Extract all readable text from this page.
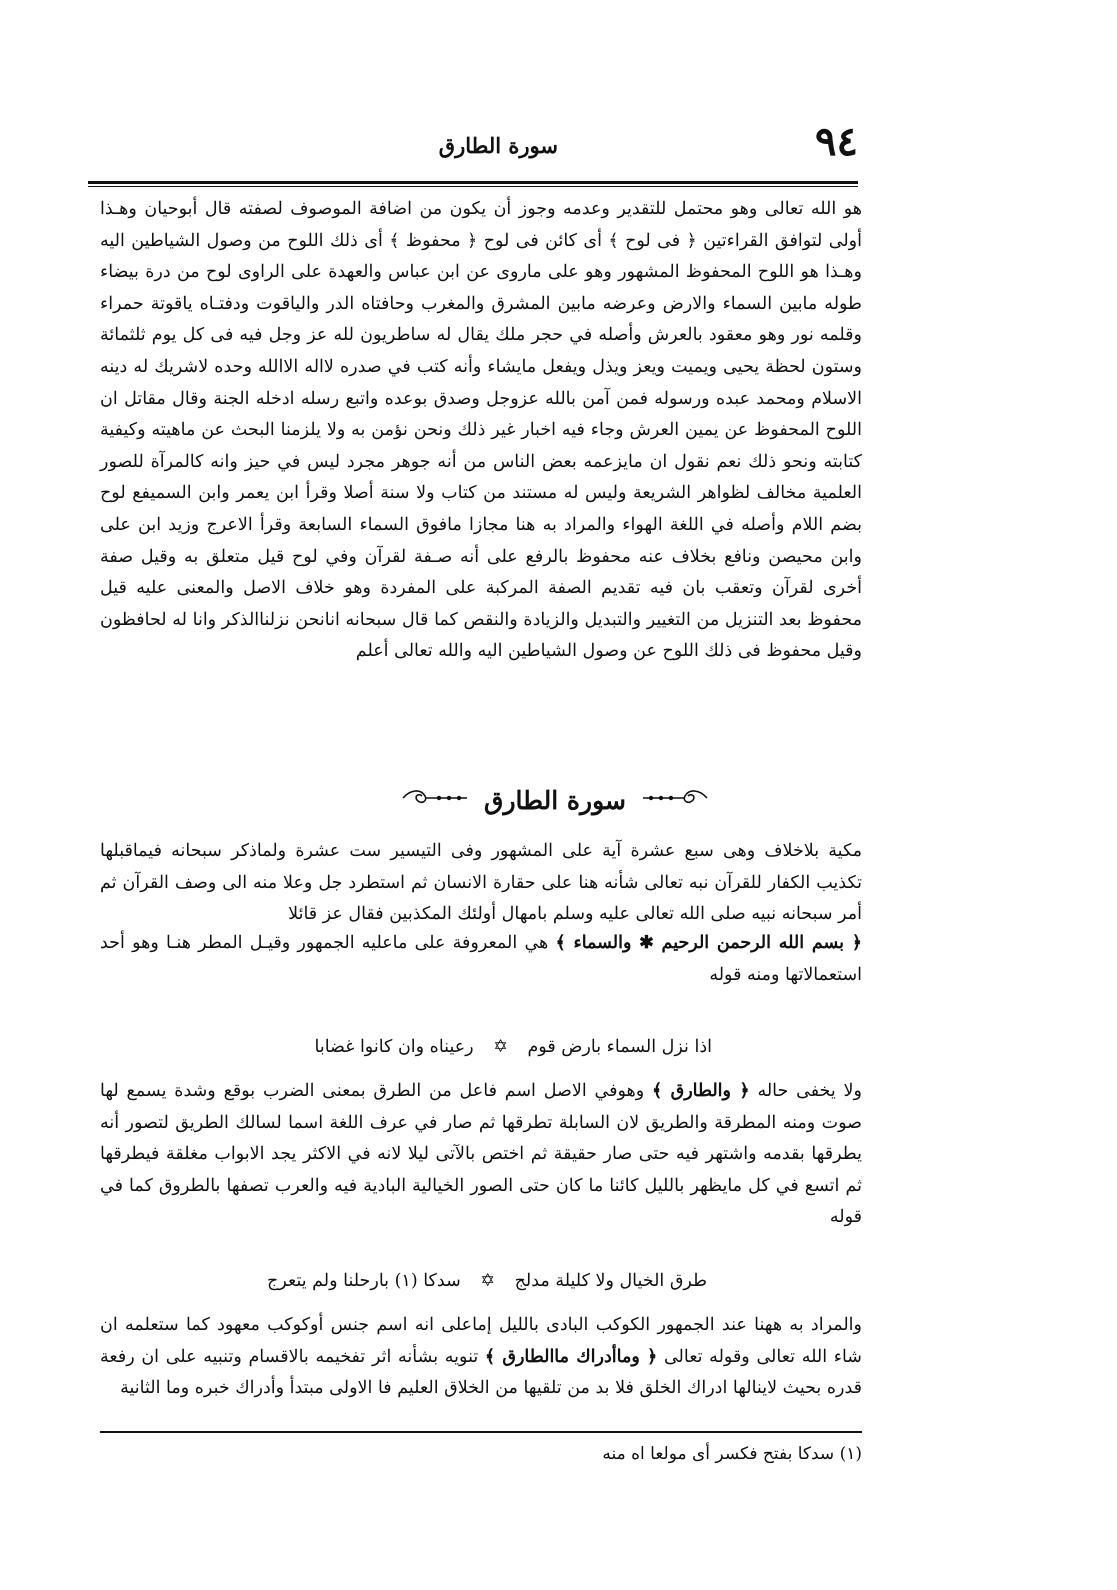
٩٤
سورة الطارق

هو الله تعالى وهو محتمل للتقدير وعدمه وجوز أن يكون من اضافة الموصوف لصفته قال أبوحيان وهـذا أولى لتوافق القراءتين ﴿ فى لوح ﴾ أى كائن فى لوح ﴿ محفوظ ﴾ أى ذلك اللوح من وصول الشياطين اليه وهـذا هو اللوح المحفوظ المشهور وهو على ماروى عن ابن عباس والعهدة على الراوى لوح من درة بيضاء طوله مابين السماء والارض وعرضه مابين المشرق والمغرب وحافتاه الدر والياقوت ودفتـاه ياقوتة حمراء وقلمه نور وهو معقود بالعرش وأصله في حجر ملك يقال له ساطريون لله عز وجل فيه فى كل يوم ثلثمائة وستون لحظة يحيى ويميت ويعز ويذل ويفعل مايشاء وأنه كتب في صدره لااله الاالله وحده لاشريك له دينه الاسلام ومحمد عبده ورسوله فمن آمن بالله عزوجل وصدق بوعده واتبع رسله ادخله الجنة وقال مقاتل ان اللوح المحفوظ عن يمين العرش وجاء فيه اخبار غير ذلك ونحن نؤمن به ولا يلزمنا البحث عن ماهيته وكيفية كتابته ونحو ذلك نعم نقول ان مايزعمه بعض الناس من أنه جوهر مجرد ليس في حيز وانه كالمرآة للصور العلمية مخالف لظواهر الشريعة وليس له مستند من كتاب ولا سنة أصلا وقرأ ابن يعمر وابن السميفع لوح بضم اللام وأصله في اللغة الهواء والمراد به هنا مجازا مافوق السماء السابعة وقرأ الاعرج وزيد ابن على وابن محيصن ونافع بخلاف عنه محفوظ بالرفع على أنه صـفة لقرآن وفي لوح قيل متعلق به وقيل صفة أخرى لقرآن وتعقب بان فيه تقديم الصفة المركبة على المفردة وهو خلاف الاصل والمعنى عليه قيل محفوظ بعد التنزيل من التغيير والتبديل والزيادة والنقص كما قال سبحانه انانحن نزلناالذكر وانا له لحافظون وقيل محفوظ فى ذلك اللوح عن وصول الشياطين اليه والله تعالى أعلم

سورة الطارق

مكية بلاخلاف وهى سبع عشرة آية على المشهور وفى التيسير ست عشرة ولماذكر سبحانه فيماقبلها تكذيب الكفار للقرآن نبه تعالى شأنه هنا على حقارة الانسان ثم استطرد جل وعلا منه الى وصف القرآن ثم أمر سبحانه نبيه صلى الله تعالى عليه وسلم بامهال أولئك المكذبين فقال عز قائلا

﴿ بسم الله الرحمن الرحيم ✱ والسماء ﴾ هي المعروفة على ماعليه الجمهور وقيـل المطر هنـا وهو أحد استعمالاتها ومنه قوله

اذا نزل السماء بارض قوم ✡ رعيناه وان كانوا غضابا

ولا يخفى حاله ﴿ والطارق ﴾ وهوفي الاصل اسم فاعل من الطرق بمعنى الضرب بوقع وشدة يسمع لها صوت ومنه المطرقة والطريق لان السابلة تطرقها ثم صار في عرف اللغة اسما لسالك الطريق لتصور أنه يطرقها بقدمه واشتهر فيه حتى صار حقيقة ثم اختص بالآتى ليلا لانه في الاكثر يجد الابواب مغلقة فيطرقها ثم اتسع في كل مايظهر بالليل كائنا ما كان حتى الصور الخيالية البادية فيه والعرب تصفها بالطروق كما في قوله

طرق الخيال ولا كليلة مدلج ✡ سدكا (١) بارحلنا ولم يتعرج

والمراد به ههنا عند الجمهور الكوكب البادى بالليل إماعلى انه اسم جنس أوكوكب معهود كما ستعلمه ان شاء الله تعالى وقوله تعالى ﴿ وماأدراك ماالطارق ﴾ تنويه بشأنه اثر تفخيمه بالاقسام وتنبيه على ان رفعة قدره بحيث لاينالها ادراك الخلق فلا بد من تلقيها من الخلاق العليم فا الاولى مبتدأ وأدراك خبره وما الثانية

(١) سدكا بفتح فكسر أى مولعا اه منه
